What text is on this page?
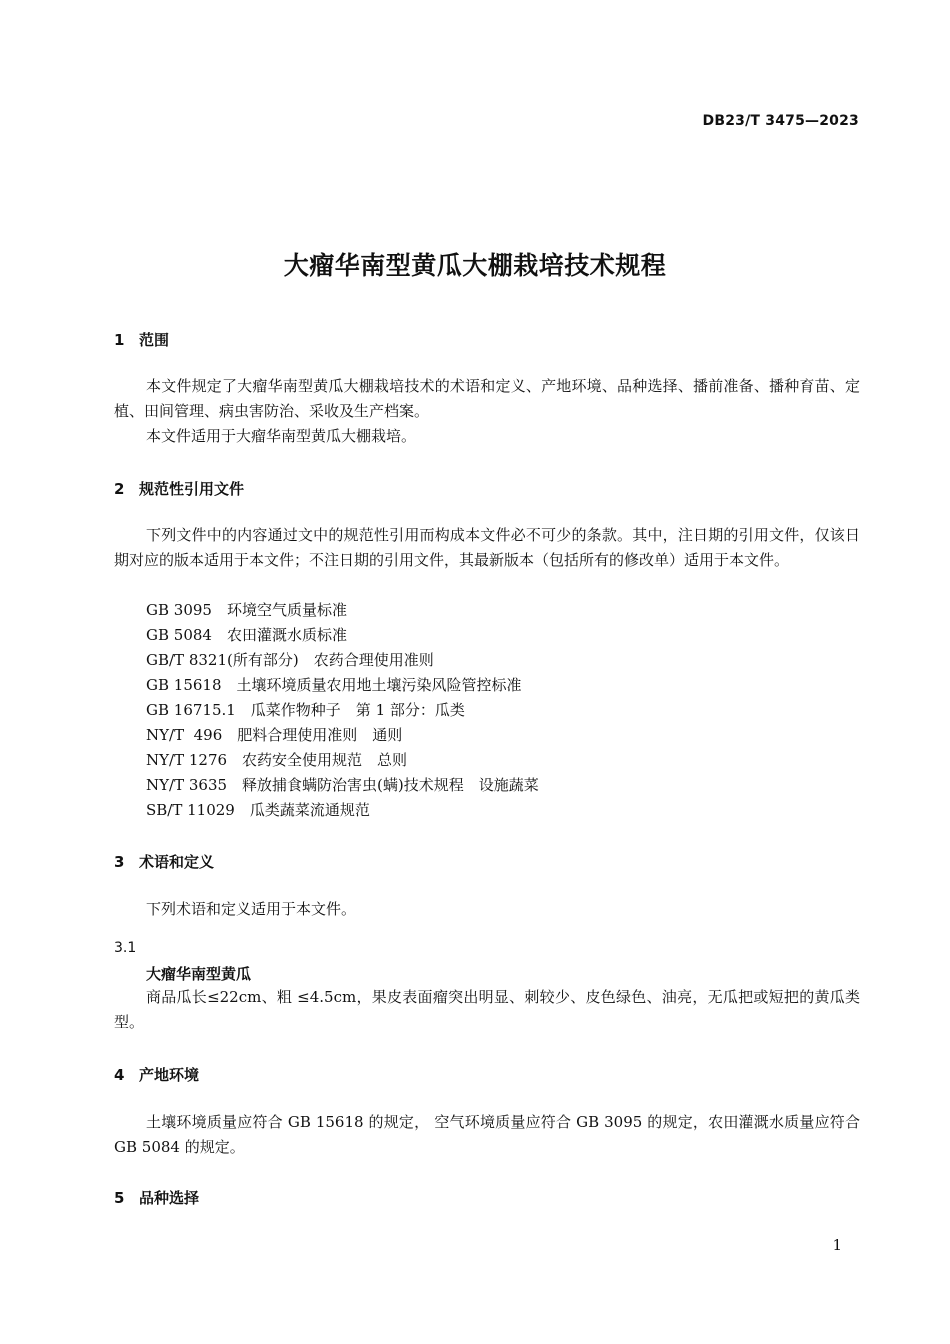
DB23/T 3475—2023
大瘤华南型黄瓜大棚栽培技术规程
1 范围
本文件规定了大瘤华南型黄瓜大棚栽培技术的术语和定义、产地环境、品种选择、播前准备、播种育苗、定植、田间管理、病虫害防治、采收及生产档案。
本文件适用于大瘤华南型黄瓜大棚栽培。
2 规范性引用文件
下列文件中的内容通过文中的规范性引用而构成本文件必不可少的条款。其中，注日期的引用文件，仅该日期对应的版本适用于本文件；不注日期的引用文件，其最新版本（包括所有的修改单）适用于本文件。
GB 3095　环境空气质量标准
GB 5084　农田灌溉水质标准
GB/T 8321(所有部分)　农药合理使用准则
GB 15618　土壤环境质量农用地土壤污染风险管控标准
GB 16715.1　瓜菜作物种子　第 1 部分：瓜类
NY/T  496　肥料合理使用准则　通则
NY/T 1276　农药安全使用规范　总则
NY/T 3635　释放捕食螨防治害虫(螨)技术规程　设施蔬菜
SB/T 11029　瓜类蔬菜流通规范
3 术语和定义
下列术语和定义适用于本文件。
3.1
大瘤华南型黄瓜
商品瓜长≤22cm、粗 ≤4.5cm，果皮表面瘤突出明显、刺较少、皮色绿色、油亮，无瓜把或短把的黄瓜类型。
4 产地环境
土壤环境质量应符合 GB 15618 的规定， 空气环境质量应符合 GB 3095 的规定，农田灌溉水质量应符合GB 5084 的规定。
5 品种选择
1
